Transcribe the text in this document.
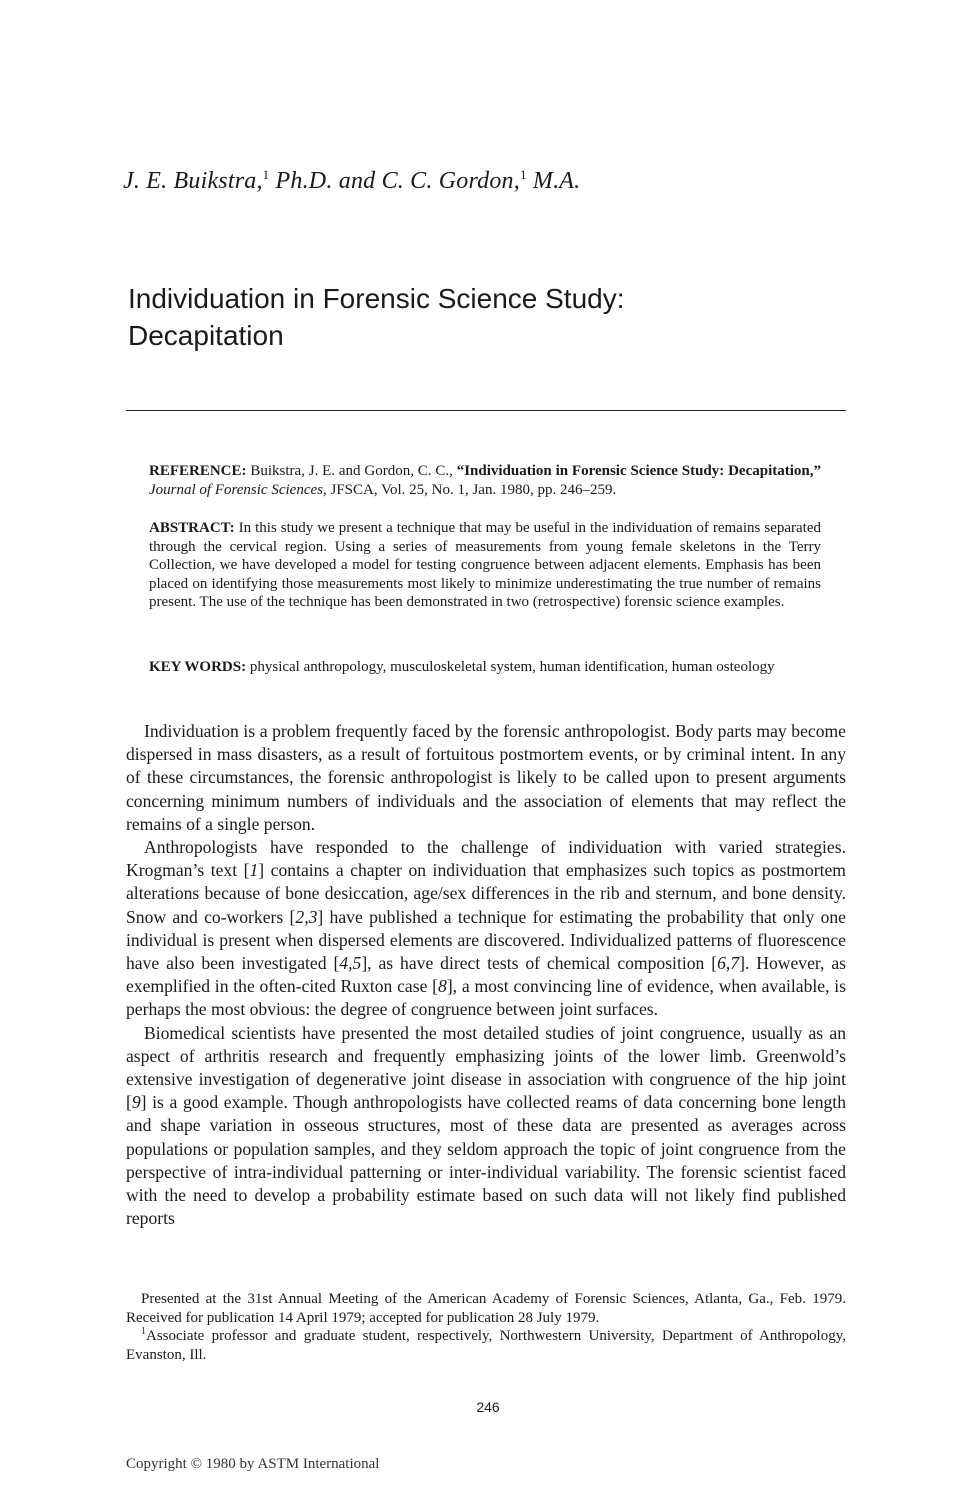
J. E. Buikstra,$^1$ Ph.D. and C. C. Gordon,$^1$ M.A.
Individuation in Forensic Science Study:
Decapitation
REFERENCE: Buikstra, J. E. and Gordon, C. C., “Individuation in Forensic Science Study: Decapitation,” Journal of Forensic Sciences, JFSCA, Vol. 25, No. 1, Jan. 1980, pp. 246–259.
ABSTRACT: In this study we present a technique that may be useful in the individuation of remains separated through the cervical region. Using a series of measurements from young female skeletons in the Terry Collection, we have developed a model for testing congruence between adjacent elements. Emphasis has been placed on identifying those measurements most likely to minimize underestimating the true number of remains present. The use of the technique has been demonstrated in two (retrospective) forensic science examples.
KEY WORDS: physical anthropology, musculoskeletal system, human identification, human osteology

Individuation is a problem frequently faced by the forensic anthropologist. Body parts may become dispersed in mass disasters, as a result of fortuitous postmortem events, or by criminal intent. In any of these circumstances, the forensic anthropologist is likely to be called upon to present arguments concerning minimum numbers of individuals and the association of elements that may reflect the remains of a single person.

Anthropologists have responded to the challenge of individuation with varied strategies. Krogman’s text [1] contains a chapter on individuation that emphasizes such topics as postmortem alterations because of bone desiccation, age/sex differences in the rib and sternum, and bone density. Snow and co-workers [2,3] have published a technique for estimating the probability that only one individual is present when dispersed elements are discovered. Individualized patterns of fluorescence have also been investigated [4,5], as have direct tests of chemical composition [6,7]. However, as exemplified in the often-cited Ruxton case [8], a most convincing line of evidence, when available, is perhaps the most obvious: the degree of congruence between joint surfaces.

Biomedical scientists have presented the most detailed studies of joint congruence, usually as an aspect of arthritis research and frequently emphasizing joints of the lower limb. Greenwold’s extensive investigation of degenerative joint disease in association with congruence of the hip joint [9] is a good example. Though anthropologists have collected reams of data concerning bone length and shape variation in osseous structures, most of these data are presented as averages across populations or population samples, and they seldom approach the topic of joint congruence from the perspective of intra-individual patterning or inter-individual variability. The forensic scientist faced with the need to develop a probability estimate based on such data will not likely find published reports

Presented at the 31st Annual Meeting of the American Academy of Forensic Sciences, Atlanta, Ga., Feb. 1979. Received for publication 14 April 1979; accepted for publication 28 July 1979.

$^1$Associate professor and graduate student, respectively, Northwestern University, Department of Anthropology, Evanston, Ill.

246
Copyright © 1980 by ASTM International
